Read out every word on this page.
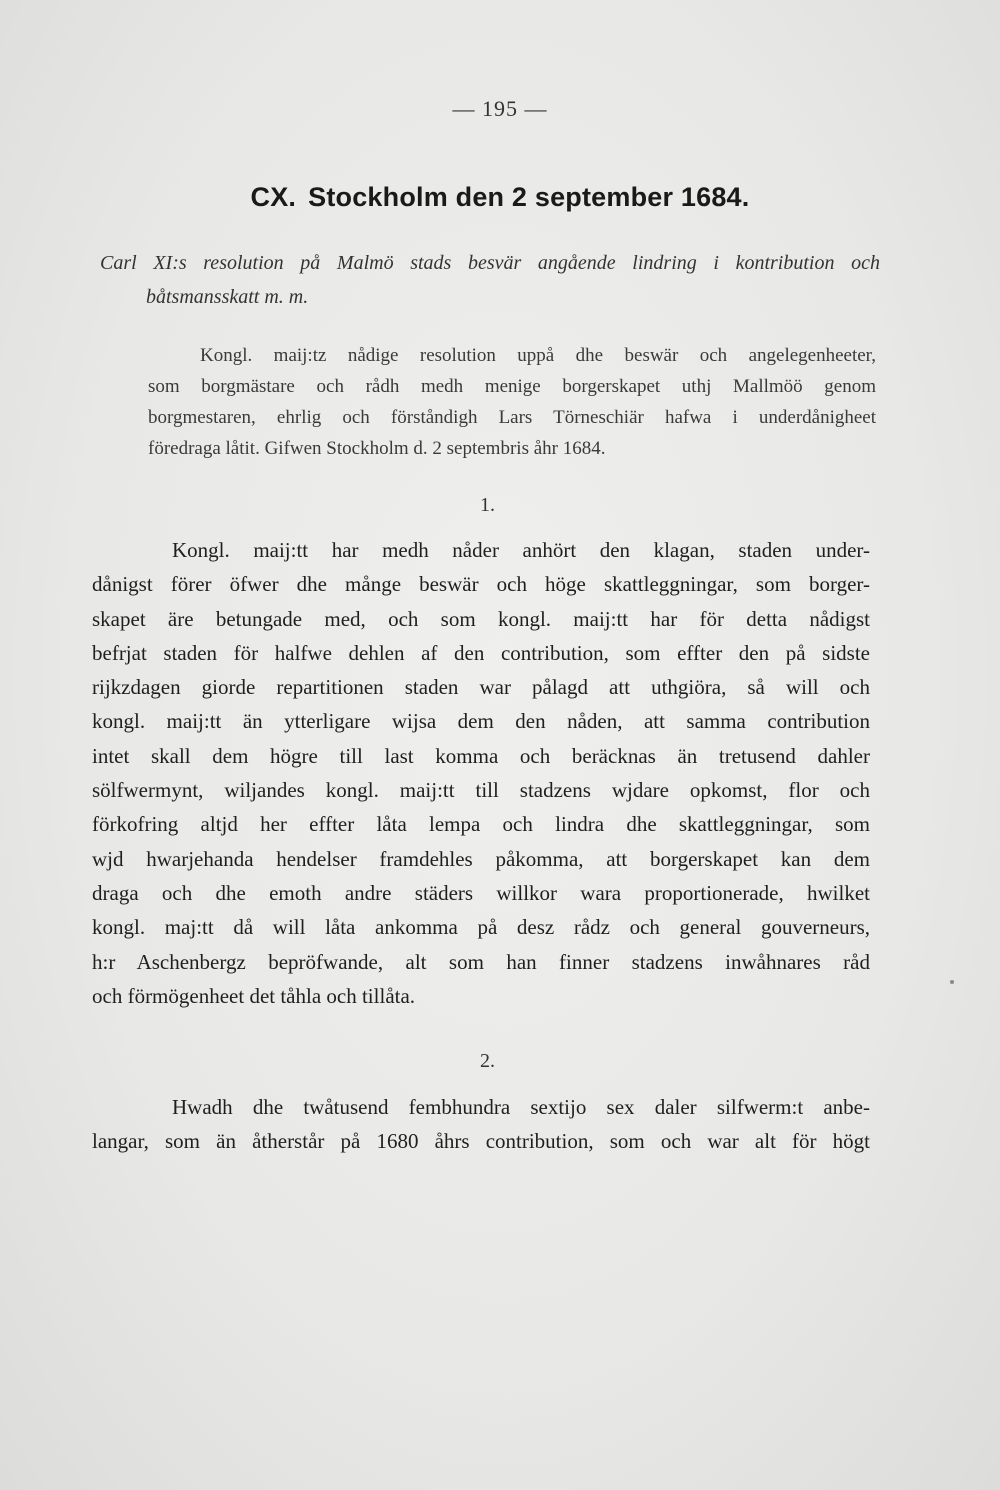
— 195 —
CX. Stockholm den 2 september 1684.
Carl XI:s resolution på Malmö stads besvär angående lindring i kontribution och
båtsmansskatt m. m.
Kongl. maij:tz nådige resolution uppå dhe beswär och angelegenheeter,
som borgmästare och rådh medh menige borgerskapet uthj Mallmöö genom
borgmestaren, ehrlig och förståndigh Lars Törneschiär hafwa i underdånigheet
föredraga låtit. Gifwen Stockholm d. 2 septembris åhr 1684.
1.
Kongl. maij:tt har medh nåder anhört den klagan, staden under-
dånigst förer öfwer dhe månge beswär och höge skattleggningar, som borger-
skapet äre betungade med, och som kongl. maij:tt har för detta nådigst
befrjat staden för halfwe dehlen af den contribution, som effter den på sidste
rijkzdagen giorde repartitionen staden war pålagd att uthgiöra, så will och
kongl. maij:tt än ytterligare wijsa dem den nåden, att samma contribution
intet skall dem högre till last komma och beräcknas än tretusend dahler
sölfwermynt, wiljandes kongl. maij:tt till stadzens wjdare opkomst, flor och
förkofring altjd her effter låta lempa och lindra dhe skattleggningar, som
wjd hwarjehanda hendelser framdehles påkomma, att borgerskapet kan dem
draga och dhe emoth andre städers willkor wara proportionerade, hwilket
kongl. maj:tt då will låta ankomma på desz rådz och general gouverneurs,
h:r Aschenbergz bepröfwande, alt som han finner stadzens inwåhnares råd
och förmögenheet det tåhla och tillåta.
2.
Hwadh dhe twåtusend fembhundra sextijo sex daler silfwerm:t anbe-
langar, som än åtherstår på 1680 åhrs contribution, som och war alt för högt
